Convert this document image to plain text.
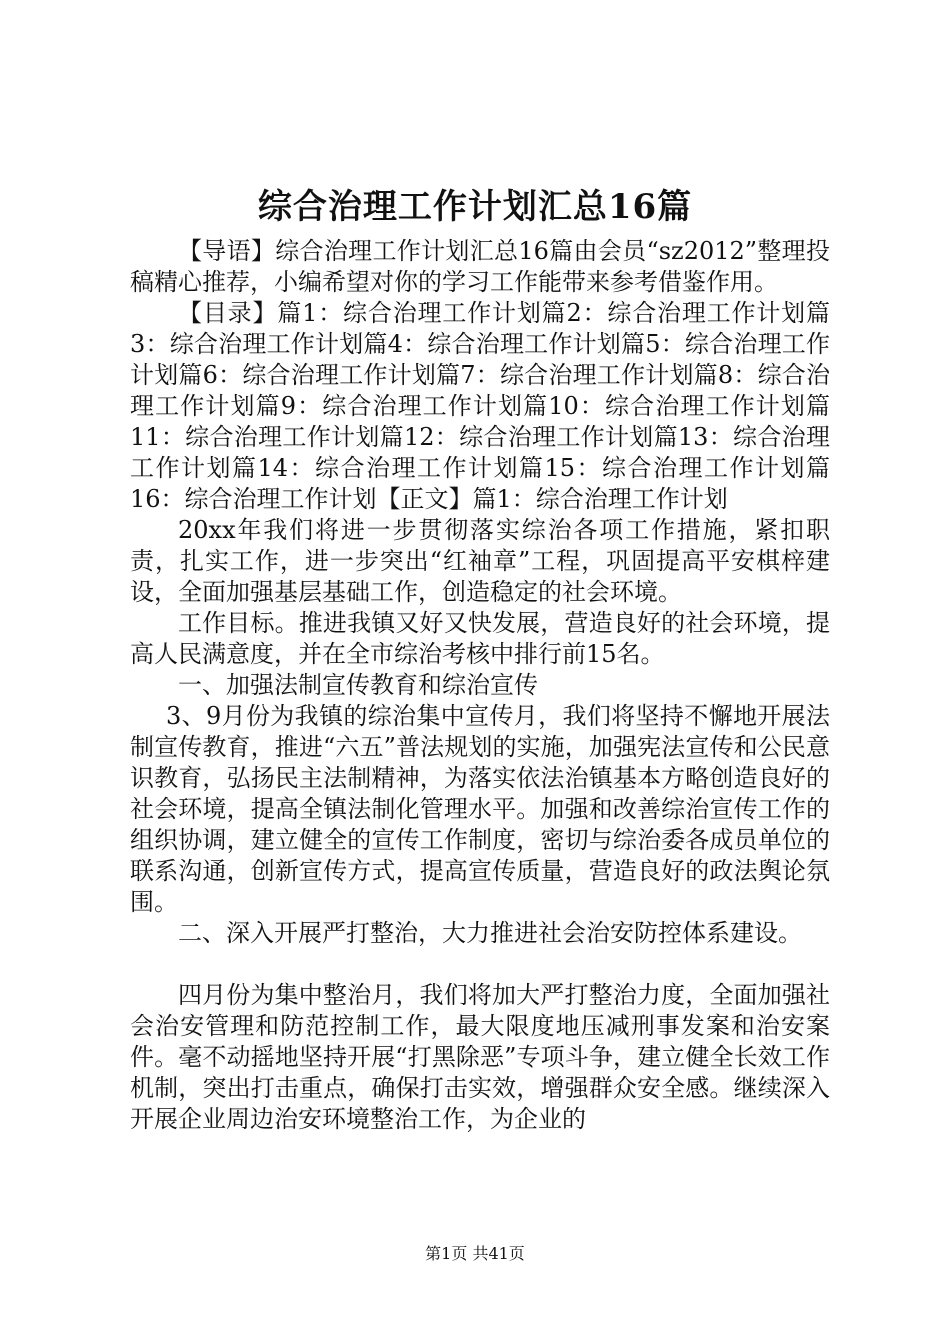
综合治理工作计划汇总16篇

【导语】综合治理工作计划汇总16篇由会员“sz2012”整理投稿精心推荐，小编希望对你的学习工作能带来参考借鉴作用。

【目录】篇1：综合治理工作计划篇2：综合治理工作计划篇3：综合治理工作计划篇4：综合治理工作计划篇5：综合治理工作计划篇6：综合治理工作计划篇7：综合治理工作计划篇8：综合治理工作计划篇9：综合治理工作计划篇10：综合治理工作计划篇11：综合治理工作计划篇12：综合治理工作计划篇13：综合治理工作计划篇14：综合治理工作计划篇15：综合治理工作计划篇16：综合治理工作计划【正文】篇1：综合治理工作计划

20xx年我们将进一步贯彻落实综治各项工作措施，紧扣职责，扎实工作，进一步突出“红袖章”工程，巩固提高平安棋梓建设，全面加强基层基础工作，创造稳定的社会环境。

工作目标。推进我镇又好又快发展，营造良好的社会环境，提高人民满意度，并在全市综治考核中排行前15名。

一、加强法制宣传教育和综治宣传

3、9月份为我镇的综治集中宣传月，我们将坚持不懈地开展法制宣传教育，推进“六五”普法规划的实施，加强宪法宣传和公民意识教育，弘扬民主法制精神，为落实依法治镇基本方略创造良好的社会环境，提高全镇法制化管理水平。加强和改善综治宣传工作的组织协调，建立健全的宣传工作制度，密切与综治委各成员单位的联系沟通，创新宣传方式，提高宣传质量，营造良好的政法舆论氛围。

二、深入开展严打整治，大力推进社会治安防控体系建设。

四月份为集中整治月，我们将加大严打整治力度，全面加强社会治安管理和防范控制工作，最大限度地压减刑事发案和治安案件。毫不动摇地坚持开展“打黑除恶”专项斗争，建立健全长效工作机制，突出打击重点，确保打击实效，增强群众安全感。继续深入开展企业周边治安环境整治工作，为企业的

第1页 共41页
